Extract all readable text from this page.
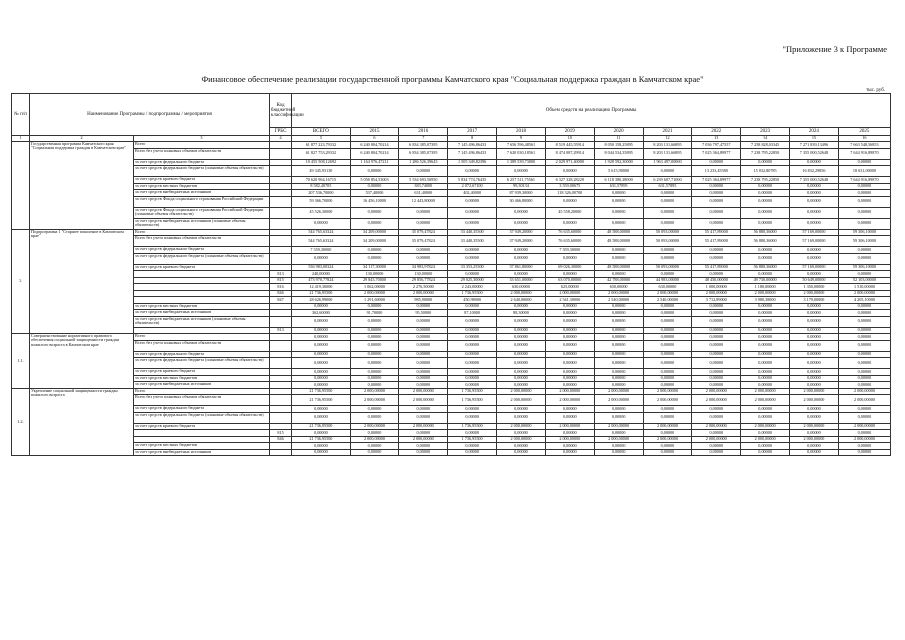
"Приложение 3 к Программе
Финансовое обеспечение реализации государственной программы Камчатского края "Социальная поддержка граждан в Камчатском крае"
тыс. руб.
№ п/п	Наименование Программы / подпрограммы / мероприятия		Код бюджетной классификации	Объем средств на реализацию Программы											
			ГРБС	ВСЕГО	2015	2016	2017	2018	2019	2020	2021	2022	2023	2024	2025
1	2	3	4	5	6	7	8	9	10	11	12	13	14	15	16
	Государственная программа Камчатского края "Социальная поддержка граждан в Камчатском крае"	Всего		61 877 223,79332	6 240 804,70214	6 834 385,07395	7 145 496,86433	7 656 596,48561	8 519 445,55914	8 050 158,25895	8 203 131,66895	7 036 797,47557	7 258 828,03345	7 271 839,13496	7 663 548,56853
		Всего без учета плановых объемов обязательств		61 827 753,29332	6 240 804,70214	6 834 385,07395	7 145 496,86433	7 620 030,18561	8 474 087,29914	8 044 534,35895	8 203 131,66895	7 025 364,89977	7 238 795,22850	7 355 000,52648	7 644 916,89870
		за счет средств федерального бюджета		10 455 508,12692	1 164 976,47211	1 286 526,39643	1 505 349,82396	1 389 539,73000	2 029 971,40000	1 928 592,30000	1 963 497,00000	0,00000	0,00000	0,00000	0,00000
		за счет средств федерального бюджета (плановые объемы обязательств)		49 345,93130	0,00000	0,00000	0,00000	0,00000	0,00000	5 615,90000	0,00000	13 233,45580	15 032,80785	16 832,29856	18 631,00000
		за счет средств краевого бюджета		70 620 964,16715	5 058 854,53003	5 534 693,56950	5 834 774,76435	6 257 511,75561	6 327 328,28229	6 118 380,28000	6 239 607,71000	7 025 364,89977	7 238 795,22850	7 355 000,52648	7 644 916,89870
		за счет средств местных бюджетов		8 582,40705	0,00000	383,74000	2 072,67100	99,30134	3 559,00675	631,57895	631,57895	0,00000	0,00000	0,00000	0,00000
		за счет средств внебюджетных источников		207 536,70000	537,40000	631,40000	402,40000	87 939,30000	118 326,00700	0,00000	0,00000	0,00000	0,00000	0,00000	0,00000
		за счет средств Фонда социального страхования Российской Федерации		59 366,70000	16 456,10000	12 443,80000	0,00000	30 466,80000	0,00000	0,00000	0,00000	0,00000	0,00000	0,00000	0,00000
		за счет средств Фонда социального страхования Российской Федерации (плановые объемы обязательств)		45 526,30000	0,00000	0,00000	0,00000	0,00000	45 558,20000	0,00000	0,00000	0,00000	0,00000	0,00000	0,00000
		за счет средств внебюджетных источников (плановые объемы обязательств)		0,00000	0,00000	0,00000	0,00000	0,00000	0,00000	0,00000	0,00000	0,00000	0,00000	0,00000	0,00000
1.	Подпрограмма 1 "Старшее поколение в Камчатском крае"	Всего		544 765,63324	34 209,00000	35 079,47824	33 440,35500	37 949,20000	76 635,60000	48 588,00000	50 093,00000	55 417,89000	56 880,36000	57 169,00000	59 306,10000
		Всего без учета плановых объемов обязательств		544 765,63324	34 209,00000	35 079,47824	33 440,35500	37 949,20000	76 635,60000	48 588,00000	50 093,00000	55 417,89000	56 880,36000	57 169,00000	59 306,10000
		за счет средств федерального бюджета		7 359,30000	0,00000	0,00000	0,00000	0,00000	7 359,30000	0,00000	0,00000	0,00000	0,00000	0,00000	0,00000
		за счет средств федерального бюджета (плановые объемы обязательств)		0,00000	0,00000	0,00000	0,00000	0,00000	0,00000	0,00000	0,00000	0,00000	0,00000	0,00000	0,00000
		за счет средств краевого бюджета		536 983,00324	34 117,30000	34 983,97824	33 353,25500	37 861,80000	69 026,30000	48 588,00000	50 093,00000	55 417,89000	56 880,36000	57 169,00000	59 306,10000
			813	240,00000	130,00000	130,00000	0,00000	0,00000	0,00000	0,00000	0,00000	0,00000	0,00000	0,00000	0,00000
			815	473 970,77824	29 843,70000	29 856,77824	29 025,30000	33 651,00000	63 070,00000	42 788,00000	44 983,00000	48 450,00000	49 730,00000	50 649,00000	52 103,00000
			816	12 419,30000	1 062,00000	2 276,50000	2 243,00000	630,00000	625,00000	650,00000	630,00000	1 000,00000	1 180,00000	1 350,00000	1 510,00000
			846	21 736,95500	2 000,00000	2 000,00000	1 736,95500	2 000,00000	2 000,00000	2 000,00000	2 000,00000	2 000,00000	2 000,00000	2 000,00000	2 000,00000
			847	28 626,99000	1 291,60000	985,90000	450,98000	2 640,00000	2 541,30000	2 540,00000	2 540,00000	3 712,89000	3 980,38000	3 179,00000	4 205,10000
		за счет средств местных бюджетов		0,00000	0,00000	0,00000	0,00000	0,00000	0,00000	0,00000	0,00000	0,00000	0,00000	0,00000	0,00000
		за счет средств внебюджетных источников		362,60000	91,70000	95,50000	87,10000	88,30000	0,00000	0,00000	0,00000	0,00000	0,00000	0,00000	0,00000
		за счет средств внебюджетных источников (плановые объемы обязательств)		0,00000	0,00000	0,00000	0,00000	0,00000	0,00000	0,00000	0,00000	0,00000	0,00000	0,00000	0,00000
			813	0,00000	0,00000	0,00000	0,00000	0,00000	0,00000	0,00000	0,00000	0,00000	0,00000	0,00000	0,00000
1.1.	Совершенствование нормативного правового обеспечения социальной защищенности граждан пожилого возраста в Камчатском крае	Всего		0,00000	0,00000	0,00000	0,00000	0,00000	0,00000	0,00000	0,00000	0,00000	0,00000	0,00000	0,00000
		Всего без учета плановых объемов обязательств		0,00000	0,00000	0,00000	0,00000	0,00000	0,00000	0,00000	0,00000	0,00000	0,00000	0,00000	0,00000
		за счет средств федерального бюджета		0,00000	0,00000	0,00000	0,00000	0,00000	0,00000	0,00000	0,00000	0,00000	0,00000	0,00000	0,00000
		за счет средств федерального бюджета (плановые объемы обязательств)		0,00000	0,00000	0,00000	0,00000	0,00000	0,00000	0,00000	0,00000	0,00000	0,00000	0,00000	0,00000
		за счет средств краевого бюджета		0,00000	0,00000	0,00000	0,00000	0,00000	0,00000	0,00000	0,00000	0,00000	0,00000	0,00000	0,00000
		за счет средств местных бюджетов		0,00000	0,00000	0,00000	0,00000	0,00000	0,00000	0,00000	0,00000	0,00000	0,00000	0,00000	0,00000
		за счет средств внебюджетных источников		0,00000	0,00000	0,00000	0,00000	0,00000	0,00000	0,00000	0,00000	0,00000	0,00000	0,00000	0,00000
1.2.	Укрепление социальной защищенности граждан пожилого возраста	Всего		21 736,95500	2 000,00000	2 000,00000	1 736,95500	2 000,00000	2 000,00000	2 000,00000	2 000,00000	2 000,00000	2 000,00000	2 000,00000	2 000,00000
		Всего без учета плановых объемов обязательств		21 736,95500	2 000,00000	2 000,00000	1 736,95500	2 000,00000	2 000,00000	2 000,00000	2 000,00000	2 000,00000	2 000,00000	2 000,00000	2 000,00000
		за счет средств федерального бюджета		0,00000	0,00000	0,00000	0,00000	0,00000	0,00000	0,00000	0,00000	0,00000	0,00000	0,00000	0,00000
		за счет средств федерального бюджета (плановые объемы обязательств)		0,00000	0,00000	0,00000	0,00000	0,00000	0,00000	0,00000	0,00000	0,00000	0,00000	0,00000	0,00000
		за счет средств краевого бюджета		21 736,95500	2 000,00000	2 000,00000	1 736,95500	2 000,00000	2 000,00000	2 000,00000	2 000,00000	2 000,00000	2 000,00000	2 000,00000	2 000,00000
			815	0,00000	0,00000	0,00000	0,00000	0,00000	0,00000	0,00000	0,00000	0,00000	0,00000	0,00000	0,00000
			846	21 736,95500	2 000,00000	2 000,00000	1 736,95500	2 000,00000	2 000,00000	2 000,00000	2 000,00000	2 000,00000	2 000,00000	2 000,00000	2 000,00000
		за счет средств местных бюджетов		0,00000	0,00000	0,00000	0,00000	0,00000	0,00000	0,00000	0,00000	0,00000	0,00000	0,00000	0,00000
		за счет средств внебюджетных источников		0,00000	0,00000	0,00000	0,00000	0,00000	0,00000	0,00000	0,00000	0,00000	0,00000	0,00000	0,00000
